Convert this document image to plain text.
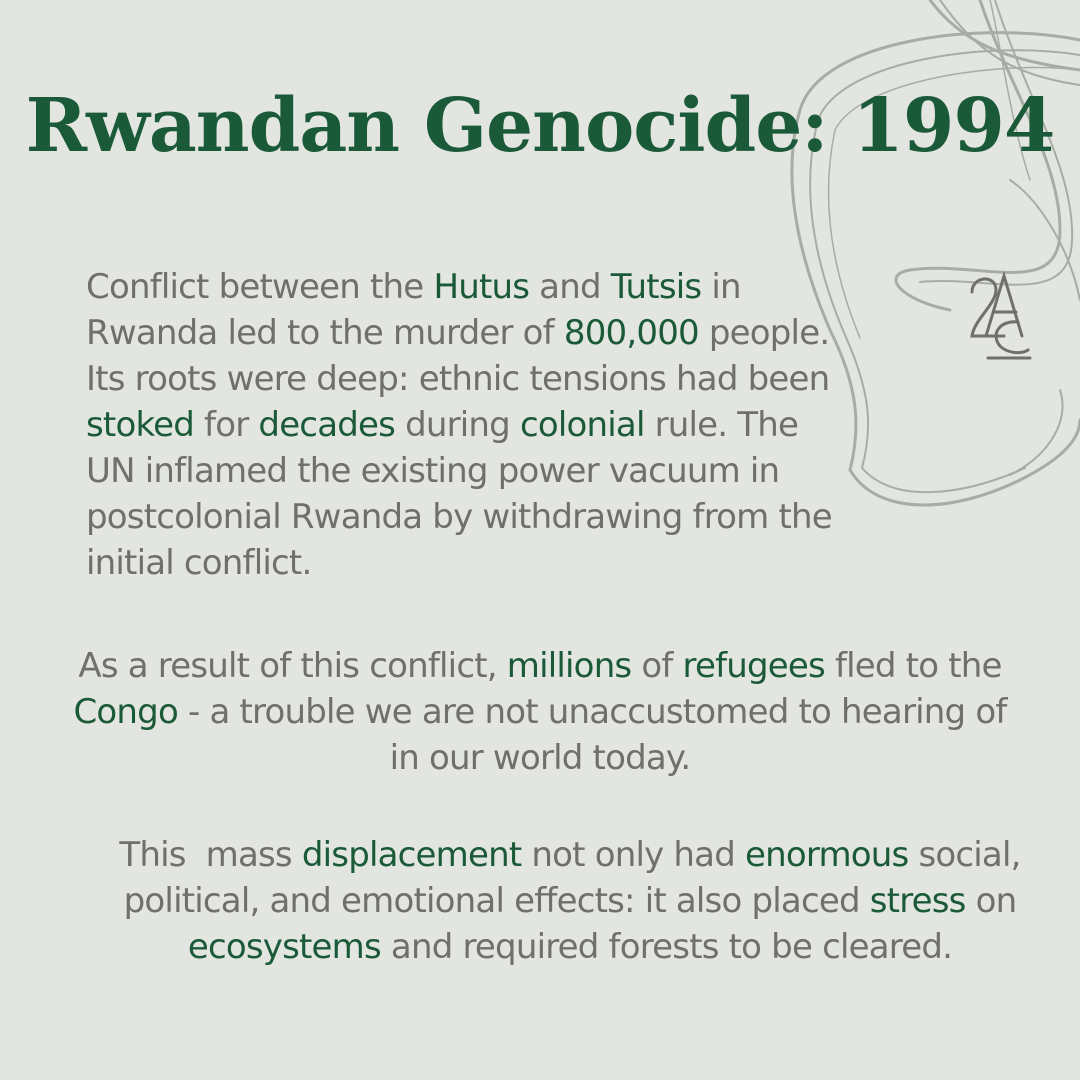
Rwandan Genocide: 1994

Conflict between the Hutus and Tutsis in Rwanda led to the murder of 800,000 people. Its roots were deep: ethnic tensions had been stoked for decades during colonial rule. The UN inflamed the existing power vacuum in postcolonial Rwanda by withdrawing from the initial conflict.

As a result of this conflict, millions of refugees fled to the Congo - a trouble we are not unaccustomed to hearing of in our world today.

This  mass displacement not only had enormous social, political, and emotional effects: it also placed stress on ecosystems and required forests to be cleared.
